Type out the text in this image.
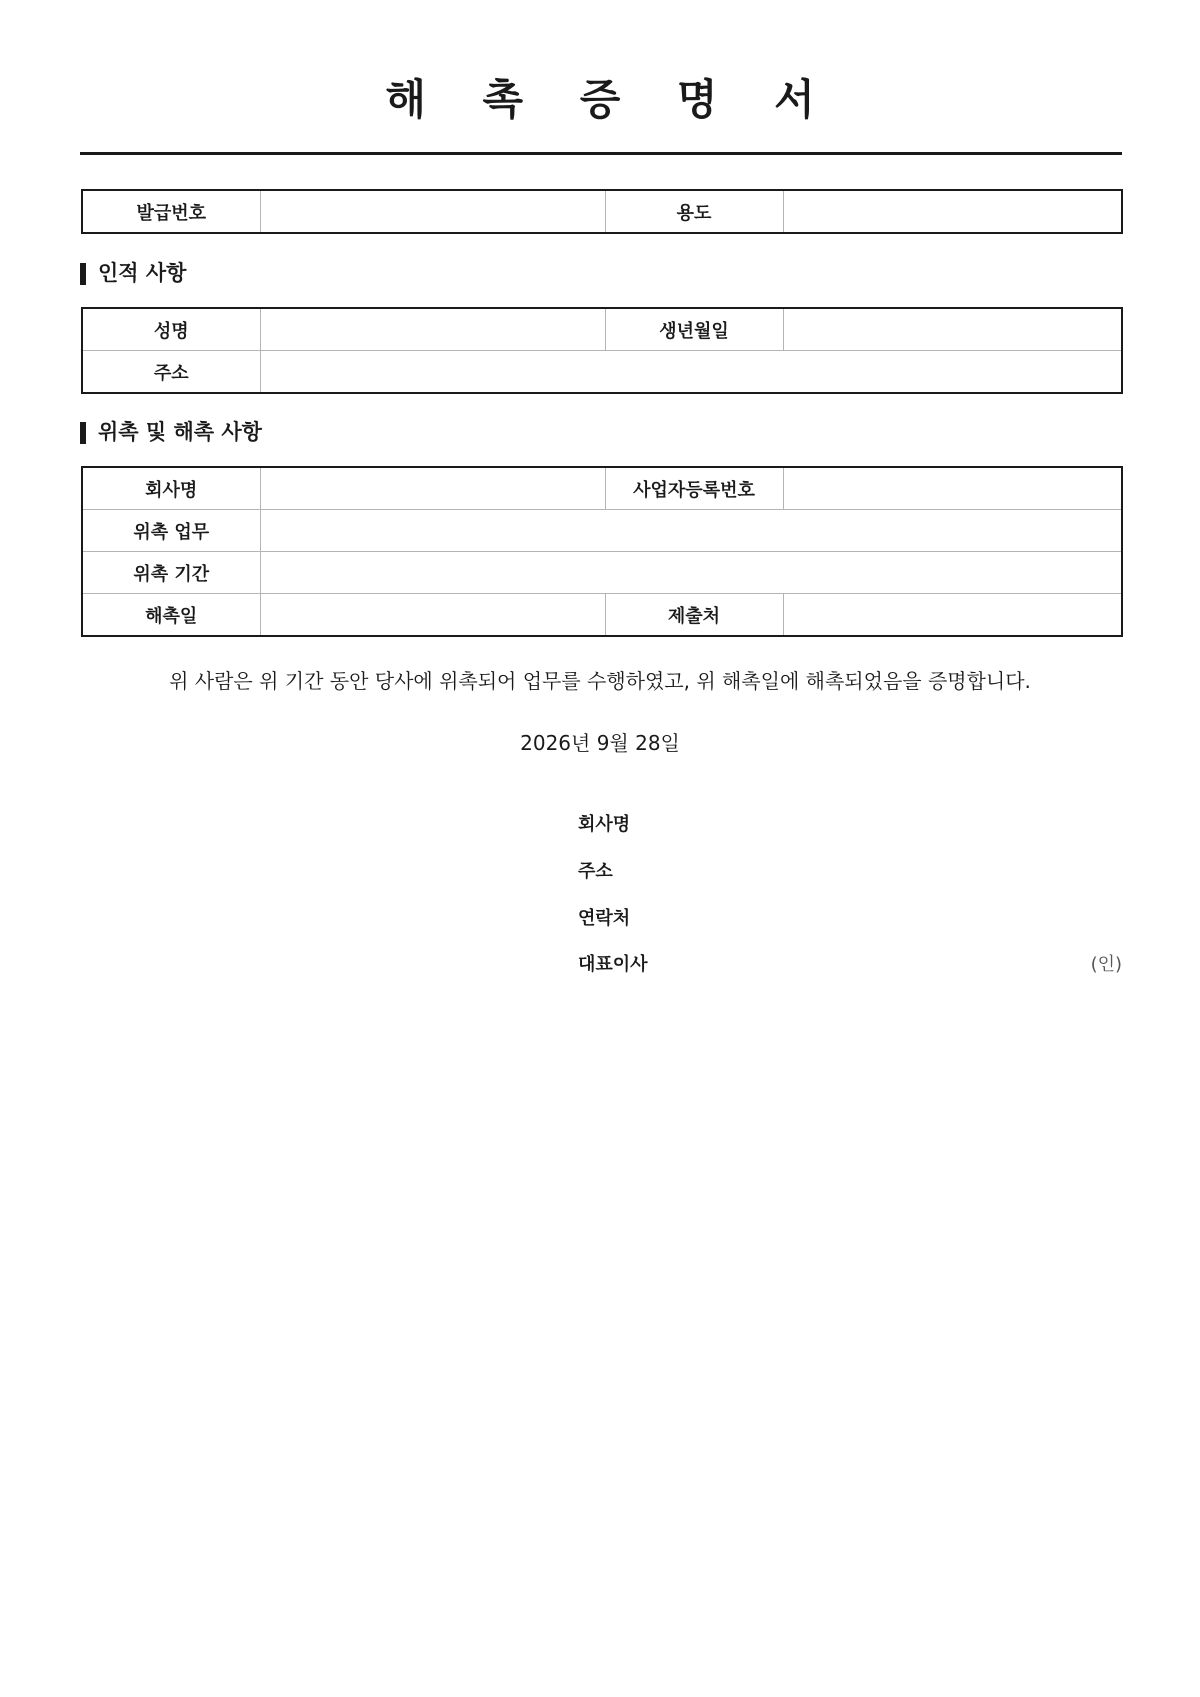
해 촉 증 명 서
발급번호		용도	
인적 사항
성명		생년월일	
주소			
위촉 및 해촉 사항
회사명		사업자등록번호	
위촉 업무			
위촉 기간			
해촉일		제출처	
위 사람은 위 기간 동안 당사에 위촉되어 업무를 수행하였고, 위 해촉일에 해촉되었음을 증명합니다.
2026년 9월 28일
회사명
주소
연락처
대표이사	(인)
